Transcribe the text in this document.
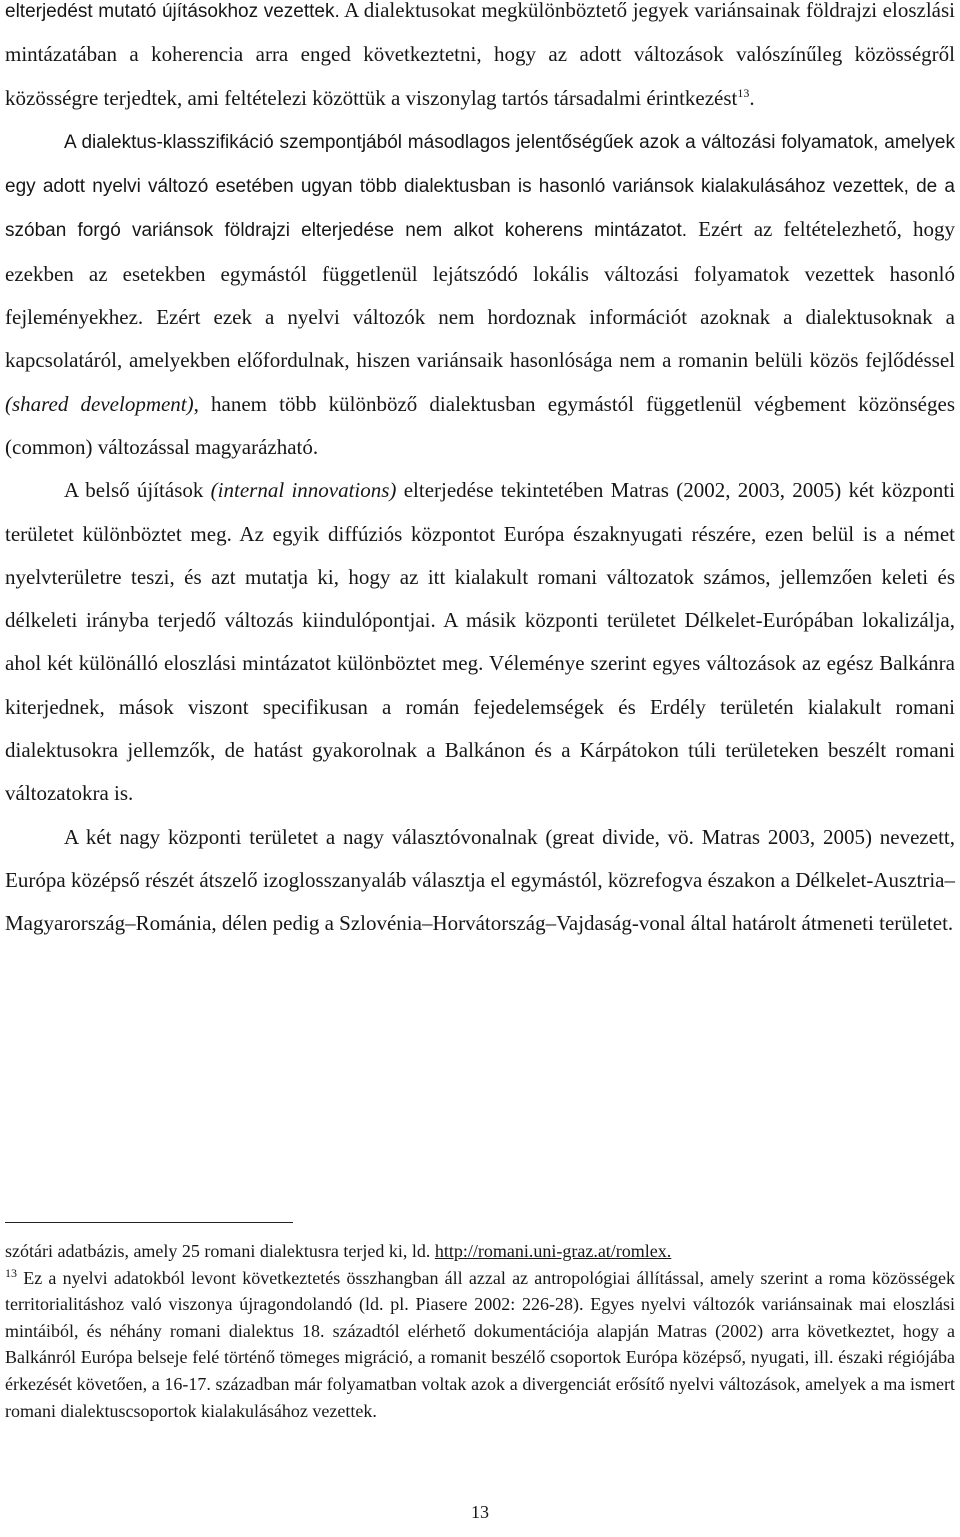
elterjedést mutató újításokhoz vezettek. A dialektusokat megkülönböztető jegyek variánsainak földrajzi eloszlási mintázatában a koherencia arra enged következtetni, hogy az adott változások valószínűleg közösségről közösségre terjedtek, ami feltételezi közöttük a viszonylag tartós társadalmi érintkezést$^{13}$.

A dialektus-klasszifikáció szempontjából másodlagos jelentőségűek azok a változási folyamatok, amelyek egy adott nyelvi változó esetében ugyan több dialektusban is hasonló variánsok kialakulásához vezettek, de a szóban forgó variánsok földrajzi elterjedése nem alkot koherens mintázatot. Ezért az feltételezhető, hogy ezekben az esetekben egymástól függetlenül lejátszódó lokális változási folyamatok vezettek hasonló fejleményekhez. Ezért ezek a nyelvi változók nem hordoznak információt azoknak a dialektusoknak a kapcsolatáról, amelyekben előfordulnak, hiszen variánsaik hasonlósága nem a romanin belüli közös fejlődéssel (shared development), hanem több különböző dialektusban egymástól függetlenül végbement közönséges (common) változással magyarázható.

A belső újítások (internal innovations) elterjedése tekintetében Matras (2002, 2003, 2005) két központi területet különböztet meg. Az egyik diffúziós központot Európa északnyugati részére, ezen belül is a német nyelvterületre teszi, és azt mutatja ki, hogy az itt kialakult romani változatok számos, jellemzően keleti és délkeleti irányba terjedő változás kiindulópontjai. A másik központi területet Délkelet-Európában lokalizálja, ahol két különálló eloszlási mintázatot különböztet meg. Véleménye szerint egyes változások az egész Balkánra kiterjednek, mások viszont specifikusan a román fejedelemségek és Erdély területén kialakult romani dialektusokra jellemzők, de hatást gyakorolnak a Balkánon és a Kárpátokon túli területeken beszélt romani változatokra is.

A két nagy központi területet a nagy választóvonalnak (great divide, vö. Matras 2003, 2005) nevezett, Európa középső részét átszelő izoglosszanyaláb választja el egymástól, közrefogva északon a Délkelet-Ausztria–Magyarország–Románia, délen pedig a Szlovénia–Horvátország–Vajdaság-vonal által határolt átmeneti területet.

szótári adatbázis, amely 25 romani dialektusra terjed ki, ld. http://romani.uni-graz.at/romlex.

$^{13}$ Ez a nyelvi adatokból levont következtetés összhangban áll azzal az antropológiai állítással, amely szerint a roma közösségek territorialitáshoz való viszonya újragondolandó (ld. pl. Piasere 2002: 226-28). Egyes nyelvi változók variánsainak mai eloszlási mintáiból, és néhány romani dialektus 18. századtól elérhető dokumentációja alapján Matras (2002) arra következtet, hogy a Balkánról Európa belseje felé történő tömeges migráció, a romanit beszélő csoportok Európa középső, nyugati, ill. északi régiójába érkezését követően, a 16-17. században már folyamatban voltak azok a divergenciát erősítő nyelvi változások, amelyek a ma ismert romani dialektuscsoportok kialakulásához vezettek.

13
